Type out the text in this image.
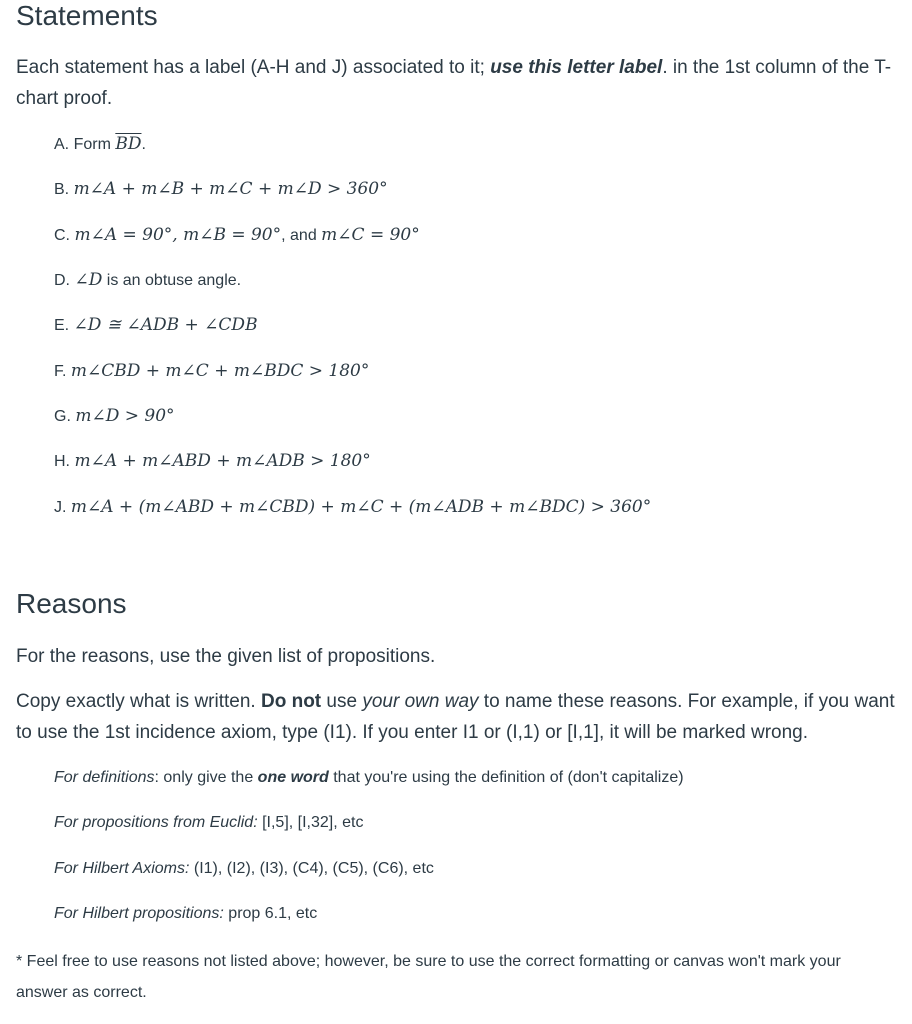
Statements
Each statement has a label (A-H and J) associated to it; use this letter label. in the 1st column of the T-chart proof.
A. Form $\overline{BD}$.
B. m∠A + m∠B + m∠C + m∠D > 360°
C. m∠A = 90°, m∠B = 90°, and m∠C = 90°
D. ∠D is an obtuse angle.
E. ∠D ≅ ∠ADB + ∠CDB
F. m∠CBD + m∠C + m∠BDC > 180°
G. m∠D > 90°
H. m∠A + m∠ABD + m∠ADB > 180°
J. m∠A + (m∠ABD + m∠CBD) + m∠C + (m∠ADB + m∠BDC) > 360°
Reasons
For the reasons, use the given list of propositions.
Copy exactly what is written. Do not use your own way to name these reasons. For example, if you want to use the 1st incidence axiom, type (I1). If you enter I1 or (I,1) or [I,1], it will be marked wrong.
For definitions: only give the one word that you're using the definition of (don't capitalize)
For propositions from Euclid: [I,5], [I,32], etc
For Hilbert Axioms: (I1), (I2), (I3), (C4), (C5), (C6), etc
For Hilbert propositions: prop 6.1, etc
* Feel free to use reasons not listed above; however, be sure to use the correct formatting or canvas won't mark your answer as correct.
